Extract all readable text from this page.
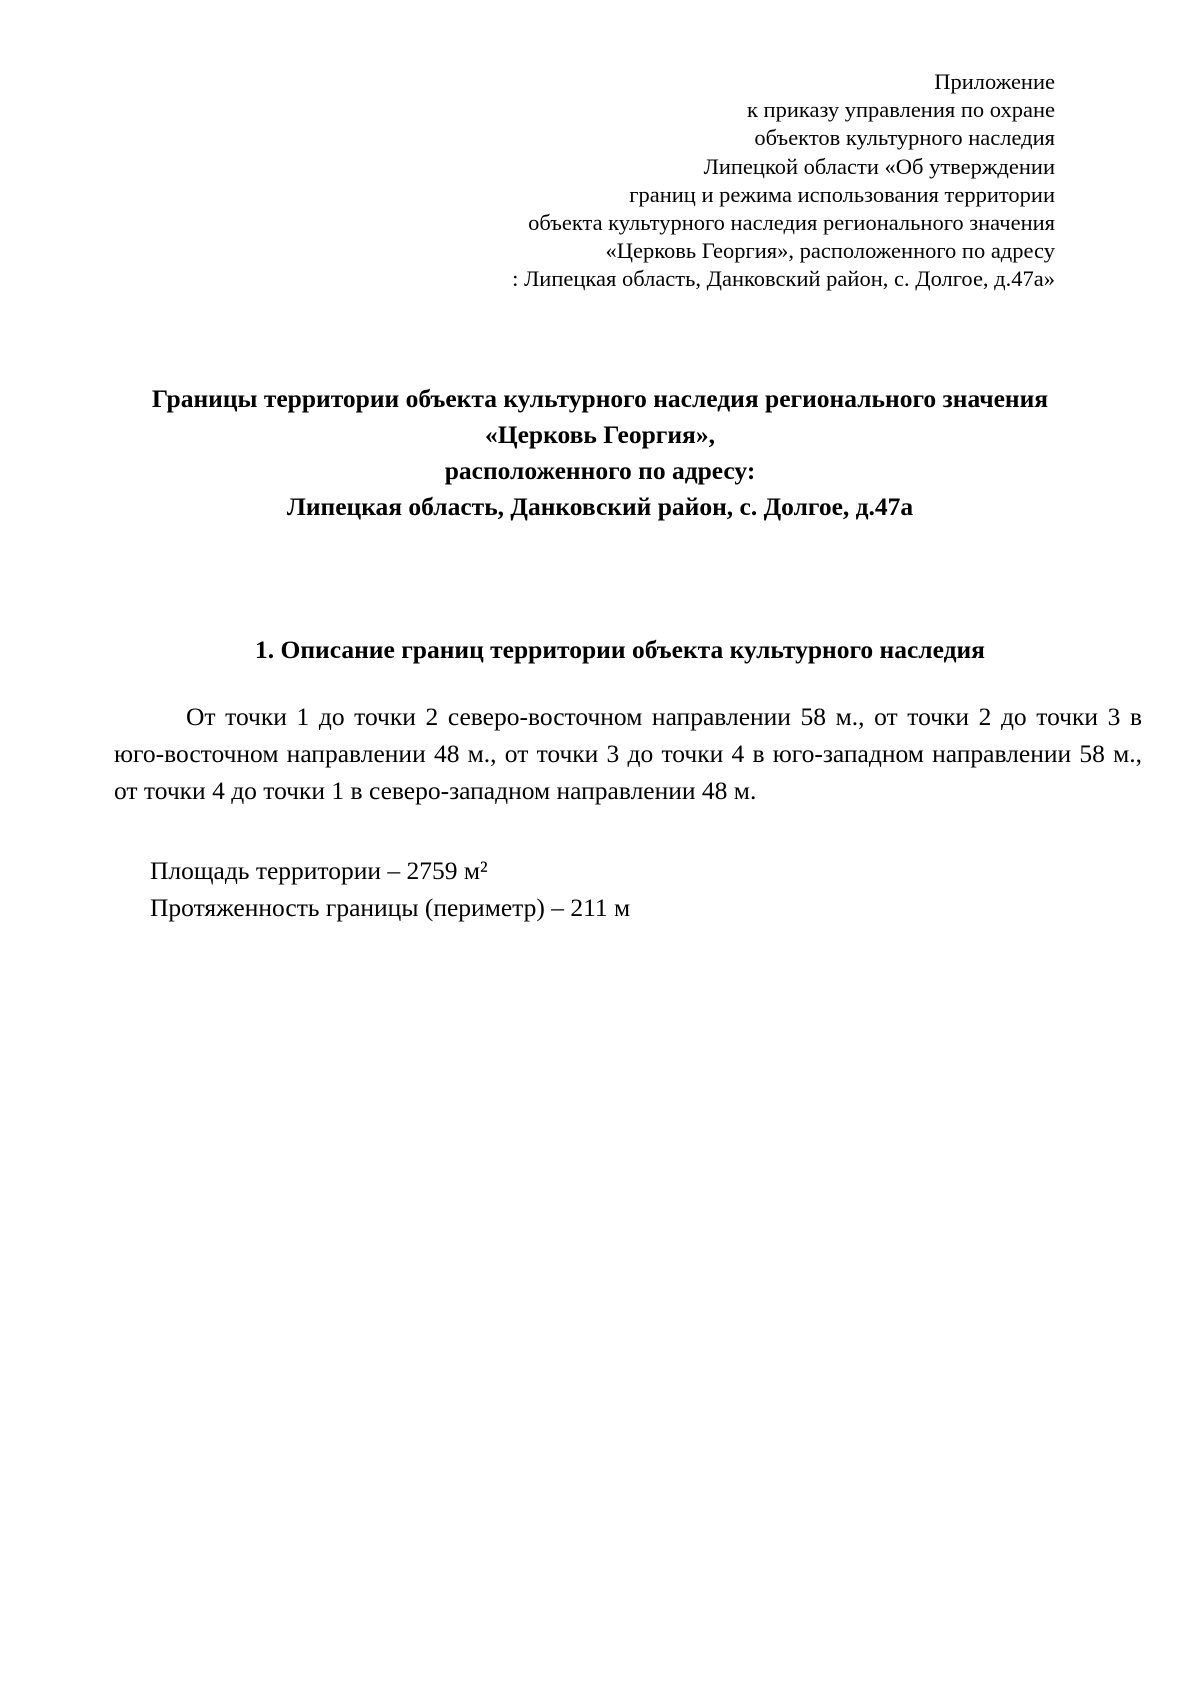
Приложение
к приказу управления по охране
объектов культурного наследия
Липецкой области «Об утверждении
границ и режима использования территории
объекта культурного наследия регионального значения
«Церковь Георгия», расположенного по адресу
: Липецкая область, Данковский район, с. Долгое, д.47а»
Границы территории объекта культурного наследия регионального значения
«Церковь Георгия»,
расположенного по адресу:
Липецкая область, Данковский район, с. Долгое, д.47а
1. Описание границ территории объекта культурного наследия

От точки 1 до точки 2 северо-восточном направлении 58 м., от точки 2 до точки 3 в юго-восточном направлении 48 м., от точки 3 до точки 4 в юго-западном направлении 58 м., от точки 4 до точки 1 в северо-западном направлении 48 м.

Площадь территории – 2759 м²
Протяженность границы (периметр) – 211 м
